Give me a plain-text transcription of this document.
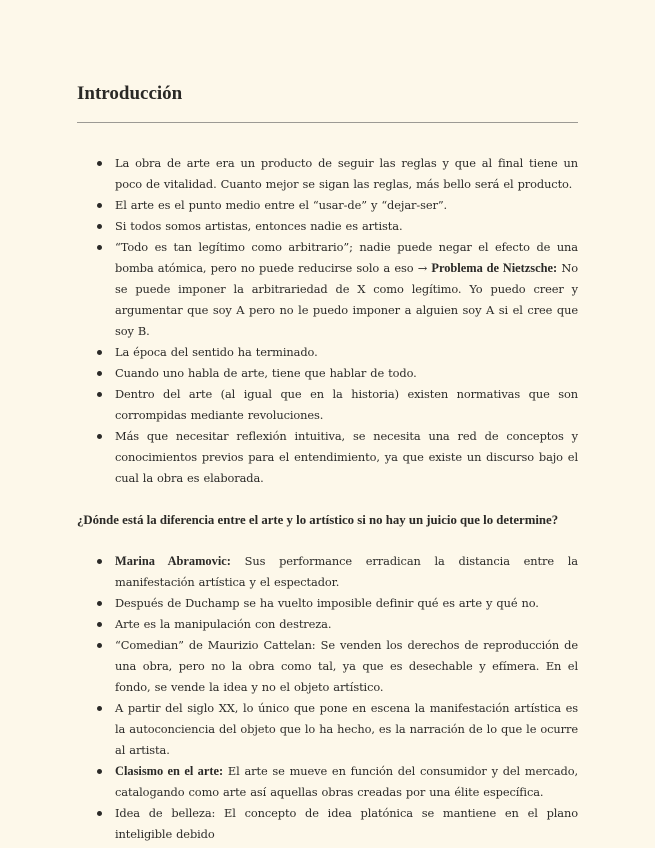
Introducción
La obra de arte era un producto de seguir las reglas y que al final tiene un poco de vitalidad. Cuanto mejor se sigan las reglas, más bello será el producto.
El arte es el punto medio entre el “usar-de” y “dejar-ser”.
Si todos somos artistas, entonces nadie es artista.
“Todo es tan legítimo como arbitrario”; nadie puede negar el efecto de una bomba atómica, pero no puede reducirse solo a eso → Problema de Nietzsche: No se puede imponer la arbitrariedad de X como legítimo. Yo puedo creer y argumentar que soy A pero no le puedo imponer a alguien soy A si el cree que soy B.
La época del sentido ha terminado.
Cuando uno habla de arte, tiene que hablar de todo.
Dentro del arte (al igual que en la historia) existen normativas que son corrompidas mediante revoluciones.
Más que necesitar reflexión intuitiva, se necesita una red de conceptos y conocimientos previos para el entendimiento, ya que existe un discurso bajo el cual la obra es elaborada.

¿Dónde está la diferencia entre el arte y lo artístico si no hay un juicio que lo determine?

Marina Abramovic: Sus performance erradican la distancia entre la manifestación artística y el espectador.
Después de Duchamp se ha vuelto imposible definir qué es arte y qué no.
Arte es la manipulación con destreza.
“Comedian” de Maurizio Cattelan: Se venden los derechos de reproducción de una obra, pero no la obra como tal, ya que es desechable y efímera. En el fondo, se vende la idea y no el objeto artístico.
A partir del siglo XX, lo único que pone en escena la manifestación artística es la autoconciencia del objeto que lo ha hecho, es la narración de lo que le ocurre al artista.
Clasismo en el arte: El arte se mueve en función del consumidor y del mercado, catalogando como arte así aquellas obras creadas por una élite específica.
Idea de belleza: El concepto de idea platónica se mantiene en el plano inteligible debido
